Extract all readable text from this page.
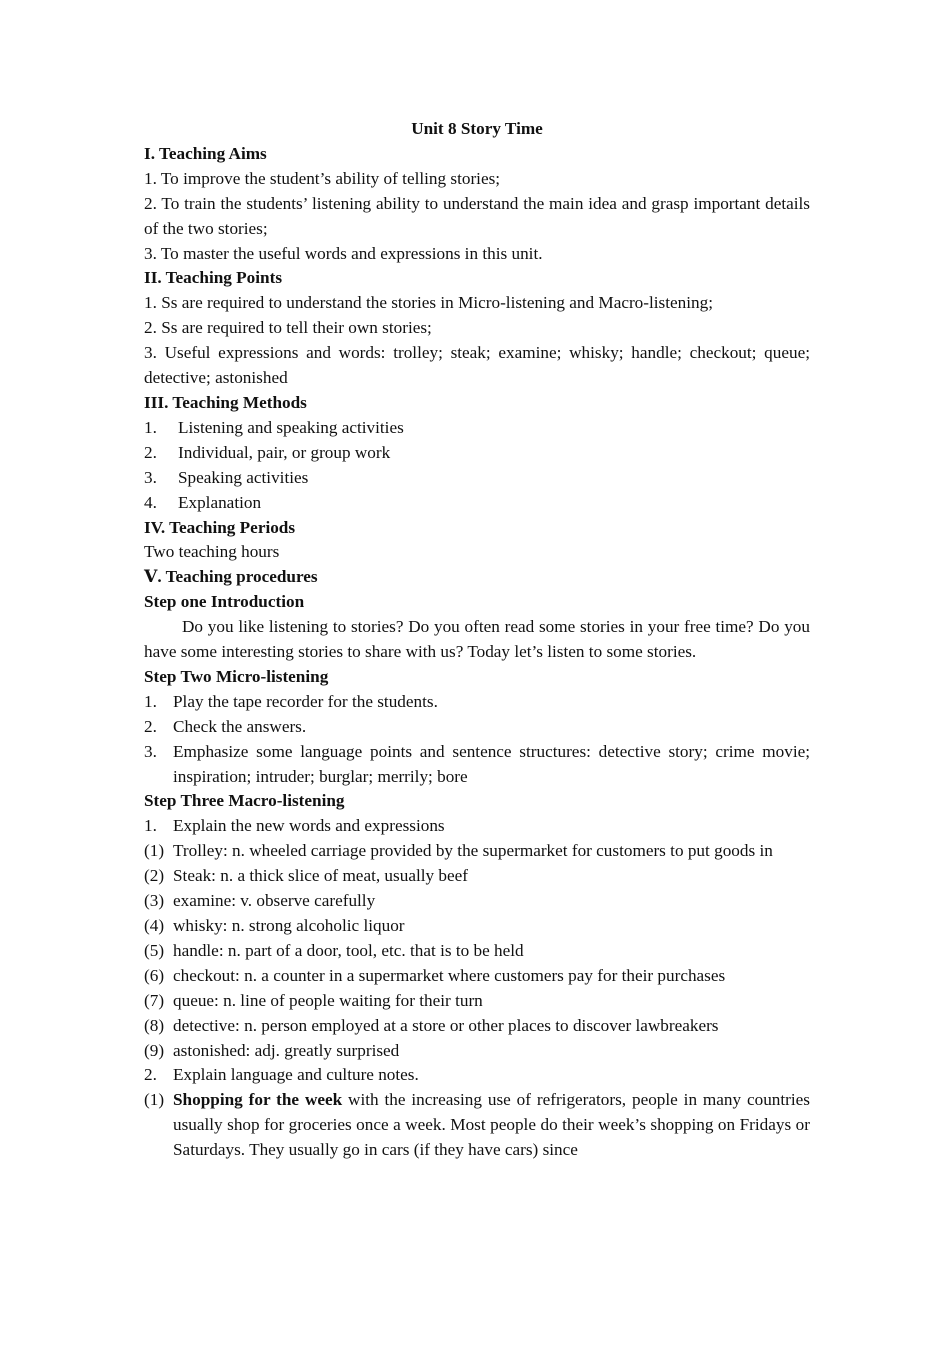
Unit 8 Story Time

I. Teaching Aims

1. To improve the student’s ability of telling stories;

2. To train the students’ listening ability to understand the main idea and grasp important details of the two stories;

3. To master the useful words and expressions in this unit.

II. Teaching Points

1. Ss are required to understand the stories in Micro-listening and Macro-listening;

2. Ss are required to tell their own stories;

3. Useful expressions and words: trolley; steak; examine; whisky; handle; checkout; queue; detective; astonished

III. Teaching Methods

1.	Listening and speaking activities
2.	Individual, pair, or group work
3.	Speaking activities
4.	Explanation

IV. Teaching Periods

Two teaching hours

Ⅴ. Teaching procedures

Step one Introduction

Do you like listening to stories? Do you often read some stories in your free time? Do you have some interesting stories to share with us? Today let’s listen to some stories.

Step Two Micro-listening

1. Play the tape recorder for the students.
2. Check the answers.
3. Emphasize some language points and sentence structures: detective story; crime movie; inspiration; intruder; burglar; merrily; bore

Step Three Macro-listening

1. Explain the new words and expressions
(1) Trolley: n. wheeled carriage provided by the supermarket for customers to put goods in
(2) Steak: n. a thick slice of meat, usually beef
(3) examine: v. observe carefully
(4) whisky: n. strong alcoholic liquor
(5) handle: n. part of a door, tool, etc. that is to be held
(6) checkout: n. a counter in a supermarket where customers pay for their purchases
(7) queue: n. line of people waiting for their turn
(8) detective: n. person employed at a store or other places to discover lawbreakers
(9) astonished: adj. greatly surprised
2. Explain language and culture notes.
(1) Shopping for the week with the increasing use of refrigerators, people in many countries usually shop for groceries once a week. Most people do their week’s shopping on Fridays or Saturdays. They usually go in cars (if they have cars) since
